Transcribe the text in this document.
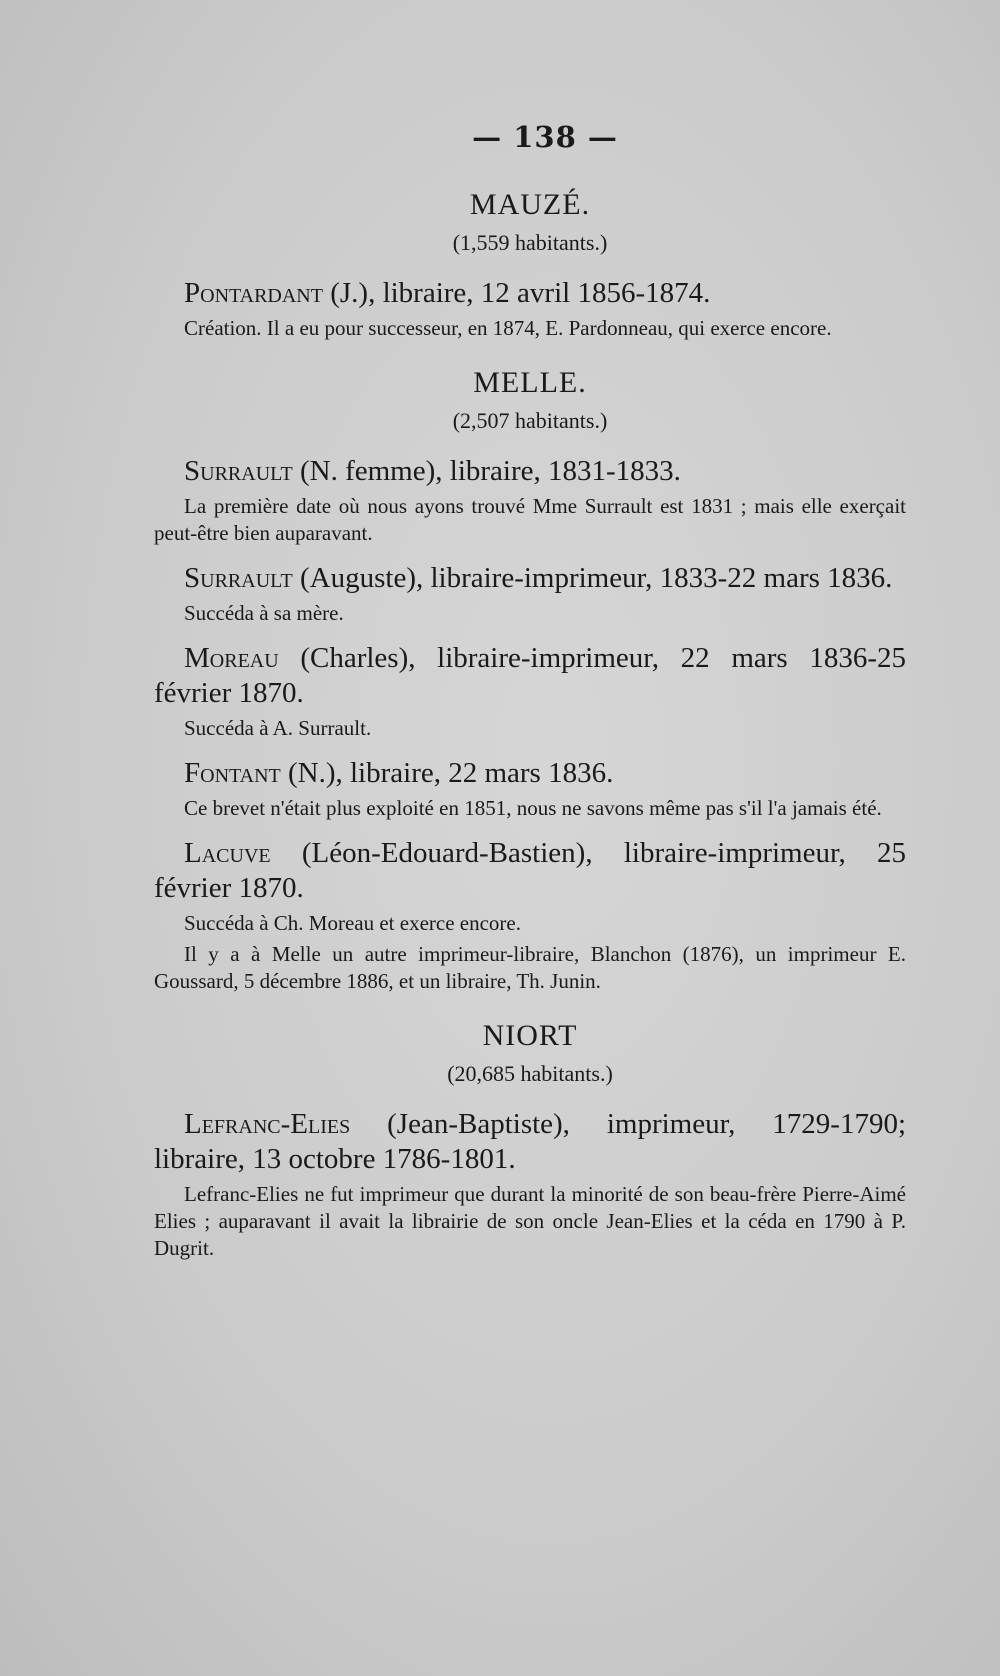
— 138 —

MAUZÉ.

(1,559 habitants.)

Pontardant (J.), libraire, 12 avril 1856-1874.

Création. Il a eu pour successeur, en 1874, E. Pardonneau, qui exerce encore.

MELLE.

(2,507 habitants.)

Surrault (N. femme), libraire, 1831-1833.

La première date où nous ayons trouvé Mme Surrault est 1831 ; mais elle exerçait peut-être bien auparavant.

Surrault (Auguste), libraire-imprimeur, 1833-22 mars 1836.

Succéda à sa mère.

Moreau (Charles), libraire-imprimeur, 22 mars 1836-25 février 1870.

Succéda à A. Surrault.

Fontant (N.), libraire, 22 mars 1836.

Ce brevet n'était plus exploité en 1851, nous ne savons même pas s'il l'a jamais été.

Lacuve (Léon-Edouard-Bastien), libraire-imprimeur, 25 février 1870.

Succéda à Ch. Moreau et exerce encore.

Il y a à Melle un autre imprimeur-libraire, Blanchon (1876), un imprimeur E. Goussard, 5 décembre 1886, et un libraire, Th. Junin.

NIORT

(20,685 habitants.)

Lefranc-Elies (Jean-Baptiste), imprimeur, 1729-1790; libraire, 13 octobre 1786-1801.

Lefranc-Elies ne fut imprimeur que durant la minorité de son beau-frère Pierre-Aimé Elies ; auparavant il avait la librairie de son oncle Jean-Elies et la céda en 1790 à P. Dugrit.
